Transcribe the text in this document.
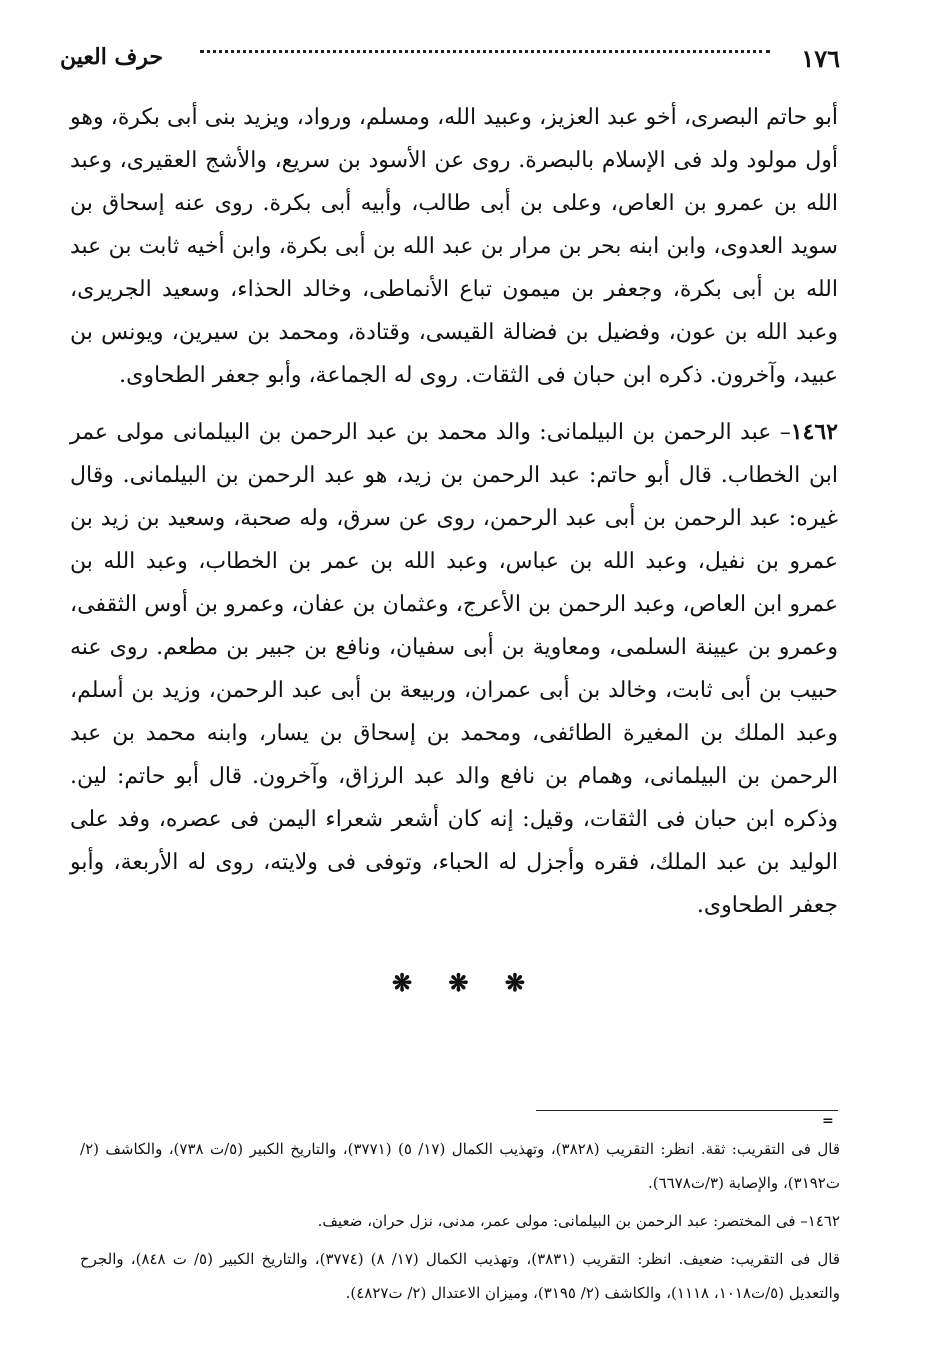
١٧٦
حرف العين

أبو حاتم البصرى، أخو عبد العزيز، وعبيد الله، ومسلم، ورواد، ويزيد بنى أبى بكرة، وهو أول مولود ولد فى الإسلام بالبصرة. روى عن الأسود بن سريع، والأشج العقيرى، وعبد الله بن عمرو بن العاص، وعلى بن أبى طالب، وأبيه أبى بكرة. روى عنه إسحاق بن سويد العدوى، وابن ابنه بحر بن مرار بن عبد الله بن أبى بكرة، وابن أخيه ثابت بن عبد الله بن أبى بكرة، وجعفر بن ميمون تباع الأنماطى، وخالد الحذاء، وسعيد الجريرى، وعبد الله بن عون، وفضيل بن فضالة القيسى، وقتادة، ومحمد بن سيرين، ويونس بن عبيد، وآخرون. ذكره ابن حبان فى الثقات. روى له الجماعة، وأبو جعفر الطحاوى.

١٤٦٢– عبد الرحمن بن البيلمانى: والد محمد بن عبد الرحمن بن البيلمانى مولى عمر ابن الخطاب. قال أبو حاتم: عبد الرحمن بن زيد، هو عبد الرحمن بن البيلمانى. وقال غيره: عبد الرحمن بن أبى عبد الرحمن، روى عن سرق، وله صحبة، وسعيد بن زيد بن عمرو بن نفيل، وعبد الله بن عباس، وعبد الله بن عمر بن الخطاب، وعبد الله بن عمرو ابن العاص، وعبد الرحمن بن الأعرج، وعثمان بن عفان، وعمرو بن أوس الثقفى، وعمرو بن عيينة السلمى، ومعاوية بن أبى سفيان، ونافع بن جبير بن مطعم. روى عنه حبيب بن أبى ثابت، وخالد بن أبى عمران، وربيعة بن أبى عبد الرحمن، وزيد بن أسلم، وعبد الملك بن المغيرة الطائفى، ومحمد بن إسحاق بن يسار، وابنه محمد بن عبد الرحمن بن البيلمانى، وهمام بن نافع والد عبد الرزاق، وآخرون. قال أبو حاتم: لين. وذكره ابن حبان فى الثقات، وقيل: إنه كان أشعر شعراء اليمن فى عصره، وفد على الوليد بن عبد الملك، فقره وأجزل له الحباء، وتوفى فى ولايته، روى له الأربعة، وأبو جعفر الطحاوى.

❋ ❋ ❋
=

قال فى التقريب: ثقة. انظر: التقريب (٣٨٢٨)، وتهذيب الكمال (١٧/ ٥) (٣٧٧١)، والتاريخ الكبير (٥/ت ٧٣٨)، والكاشف (٢/ت٣١٩٢)، والإصابة (٣/ت٦٦٧٨).

١٤٦٢– فى المختصر: عبد الرحمن بن البيلمانى: مولى عمر، مدنى، نزل حران، ضعيف.

قال فى التقريب: ضعيف. انظر: التقريب (٣٨٣١)، وتهذيب الكمال (١٧/ ٨) (٣٧٧٤)، والتاريخ الكبير (٥/ ت ٨٤٨)، والجرح والتعديل (٥/ت١٠١٨، ١١١٨)، والكاشف (٢/ ٣١٩٥)، وميزان الاعتدال (٢/ ت٤٨٢٧).
